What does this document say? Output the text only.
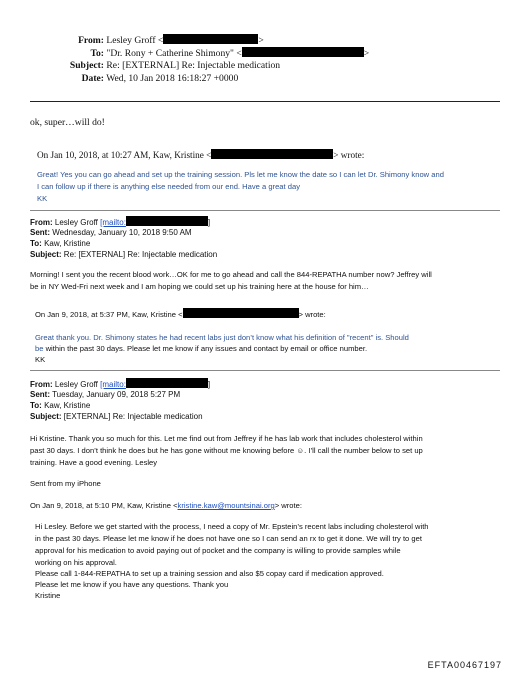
From: Lesley Groff <	>
To: "Dr. Rony + Catherine Shimony" <	>
Subject: Re: [EXTERNAL] Re: Injectable medication
Date: Wed, 10 Jan 2018 16:18:27 +0000
ok, super…will do!
On Jan 10, 2018, at 10:27 AM, Kaw, Kristine <	> wrote:
Great! Yes you can go ahead and set up the training session. Pls let me know the date so I can let Dr. Shimony know and
I can follow up if there is anything else needed from our end. Have a great day
KK
From: Lesley Groff [mailto:	]
Sent: Wednesday, January 10, 2018 9:50 AM
To: Kaw, Kristine
Subject: Re: [EXTERNAL] Re: Injectable medication
Morning! I sent you the recent blood work…OK for me to go ahead and call the 844-REPATHA number now? Jeffrey will
be in NY Wed-Fri next week and I am hoping we could set up his training here at the house for him…
On Jan 9, 2018, at 5:37 PM, Kaw, Kristine <	> wrote:
Great thank you. Dr. Shimony states he had recent labs just don’t know what his definition of "recent" is. Should
be within the past 30 days. Please let me know if any issues and contact by email or office number.
KK
From: Lesley Groff [mailto:	]
Sent: Tuesday, January 09, 2018 5:27 PM
To: Kaw, Kristine
Subject: [EXTERNAL] Re: Injectable medication
Hi Kristine. Thank you so much for this. Let me find out from Jeffrey if he has lab work that includes cholesterol within
past 30 days. I don’t think he does but he has gone without me knowing before ☺. I’ll call the number below to set up
training. Have a good evening. Lesley
Sent from my iPhone
On Jan 9, 2018, at 5:10 PM, Kaw, Kristine <kristine.kaw@mountsinai.org> wrote:
Hi Lesley. Before we get started with the process, I need a copy of Mr. Epstein’s recent labs including cholesterol with
in the past 30 days. Please let me know if he does not have one so I can send an rx to get it done. We will try to get
approval for his medication to avoid paying out of pocket and the company is willing to provide samples while
working on his approval.
Please call 1-844-REPATHA to set up a training session and also $5 copay card if medication approved.
Please let me know if you have any questions. Thank you
Kristine
EFTA00467197
